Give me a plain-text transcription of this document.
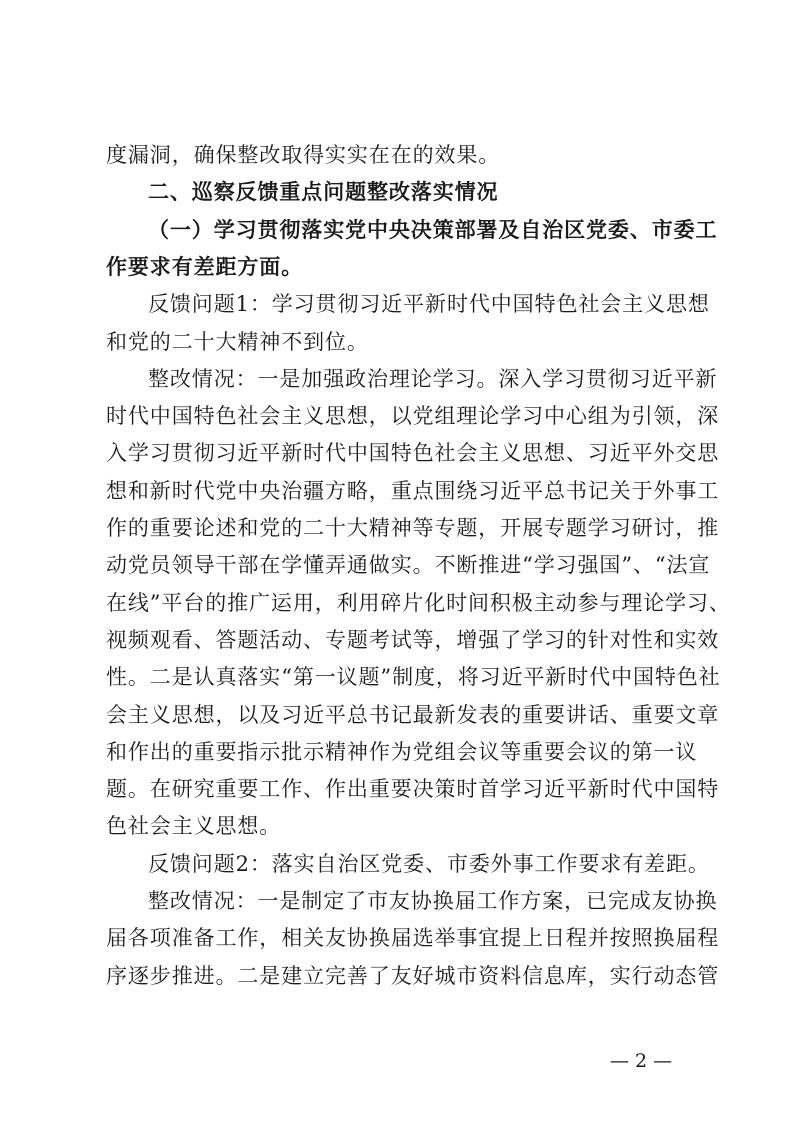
度漏洞，确保整改取得实实在在的效果。
二、巡察反馈重点问题整改落实情况
（一）学习贯彻落实党中央决策部署及自治区党委、市委工
作要求有差距方面。
反馈问题1：学习贯彻习近平新时代中国特色社会主义思想
和党的二十大精神不到位。
整改情况：一是加强政治理论学习。深入学习贯彻习近平新
时代中国特色社会主义思想，以党组理论学习中心组为引领，深
入学习贯彻习近平新时代中国特色社会主义思想、习近平外交思
想和新时代党中央治疆方略，重点围绕习近平总书记关于外事工
作的重要论述和党的二十大精神等专题，开展专题学习研讨，推
动党员领导干部在学懂弄通做实。不断推进“学习强国”、“法宣
在线”平台的推广运用，利用碎片化时间积极主动参与理论学习、
视频观看、答题活动、专题考试等，增强了学习的针对性和实效
性。二是认真落实“第一议题”制度，将习近平新时代中国特色社
会主义思想，以及习近平总书记最新发表的重要讲话、重要文章
和作出的重要指示批示精神作为党组会议等重要会议的第一议
题。在研究重要工作、作出重要决策时首学习近平新时代中国特
色社会主义思想。
反馈问题2：落实自治区党委、市委外事工作要求有差距。
整改情况：一是制定了市友协换届工作方案，已完成友协换
届各项准备工作，相关友协换届选举事宜提上日程并按照换届程
序逐步推进。二是建立完善了友好城市资料信息库，实行动态管
— 2 —
